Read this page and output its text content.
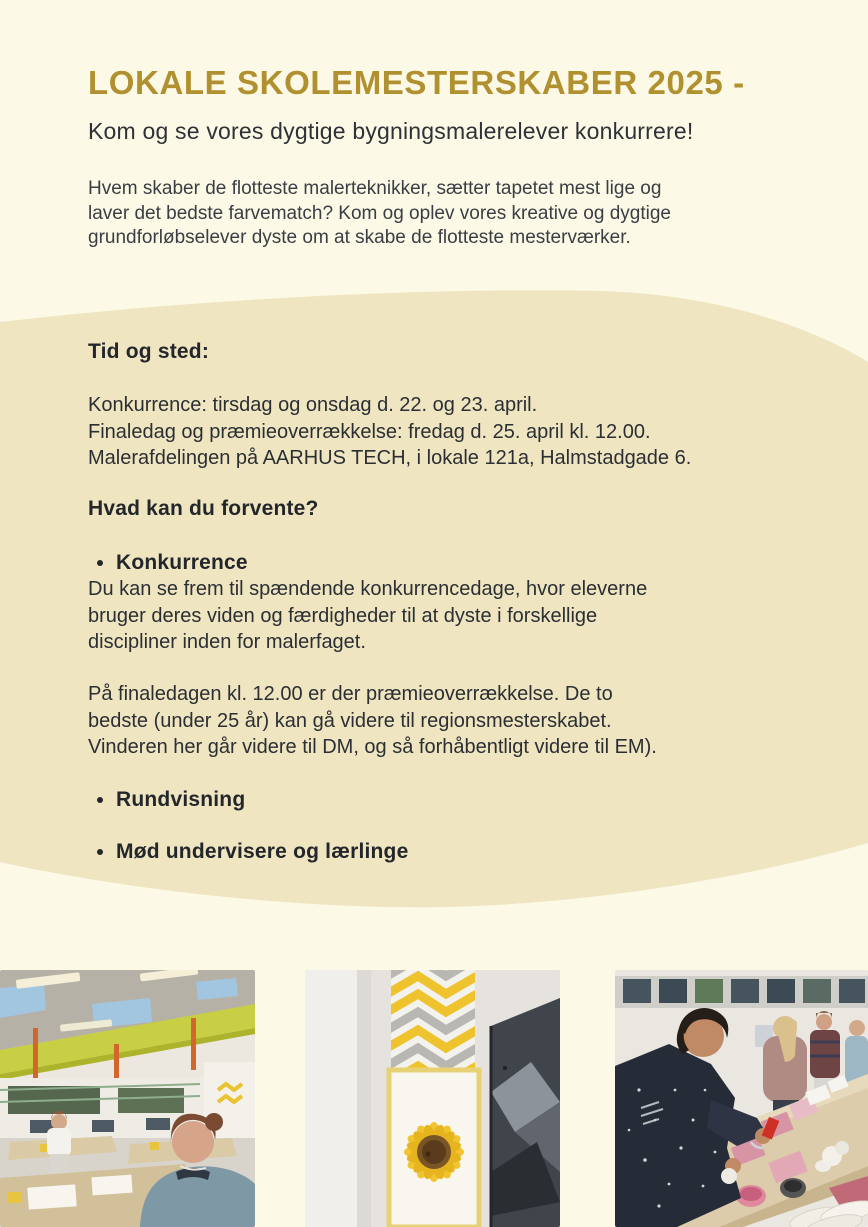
LOKALE SKOLEMESTERSKABER 2025 -
Kom og se vores dygtige bygningsmalerelever konkurrere!
Hvem skaber de flotteste malerteknikker, sætter tapetet mest lige og
laver det bedste farvematch? Kom og oplev vores kreative og dygtige
grundforløbselever dyste om at skabe de flotteste mesterværker.
Tid og sted:
Konkurrence: tirsdag og onsdag d. 22. og 23. april.
Finaledag og præmieoverrækkelse: fredag d. 25. april kl. 12.00.
Malerafdelingen på AARHUS TECH, i lokale 121a, Halmstadgade 6.
Hvad kan du forvente?
Konkurrence
Du kan se frem til spændende konkurrencedage, hvor eleverne
bruger deres viden og færdigheder til at dyste i forskellige
discipliner inden for malerfaget.
På finaledagen kl. 12.00 er der præmieoverrækkelse. De to
bedste (under 25 år) kan gå videre til regionsmesterskabet.
Vinderen her går videre til DM, og så forhåbentligt videre til EM).
Rundvisning
Mød undervisere og lærlinge
